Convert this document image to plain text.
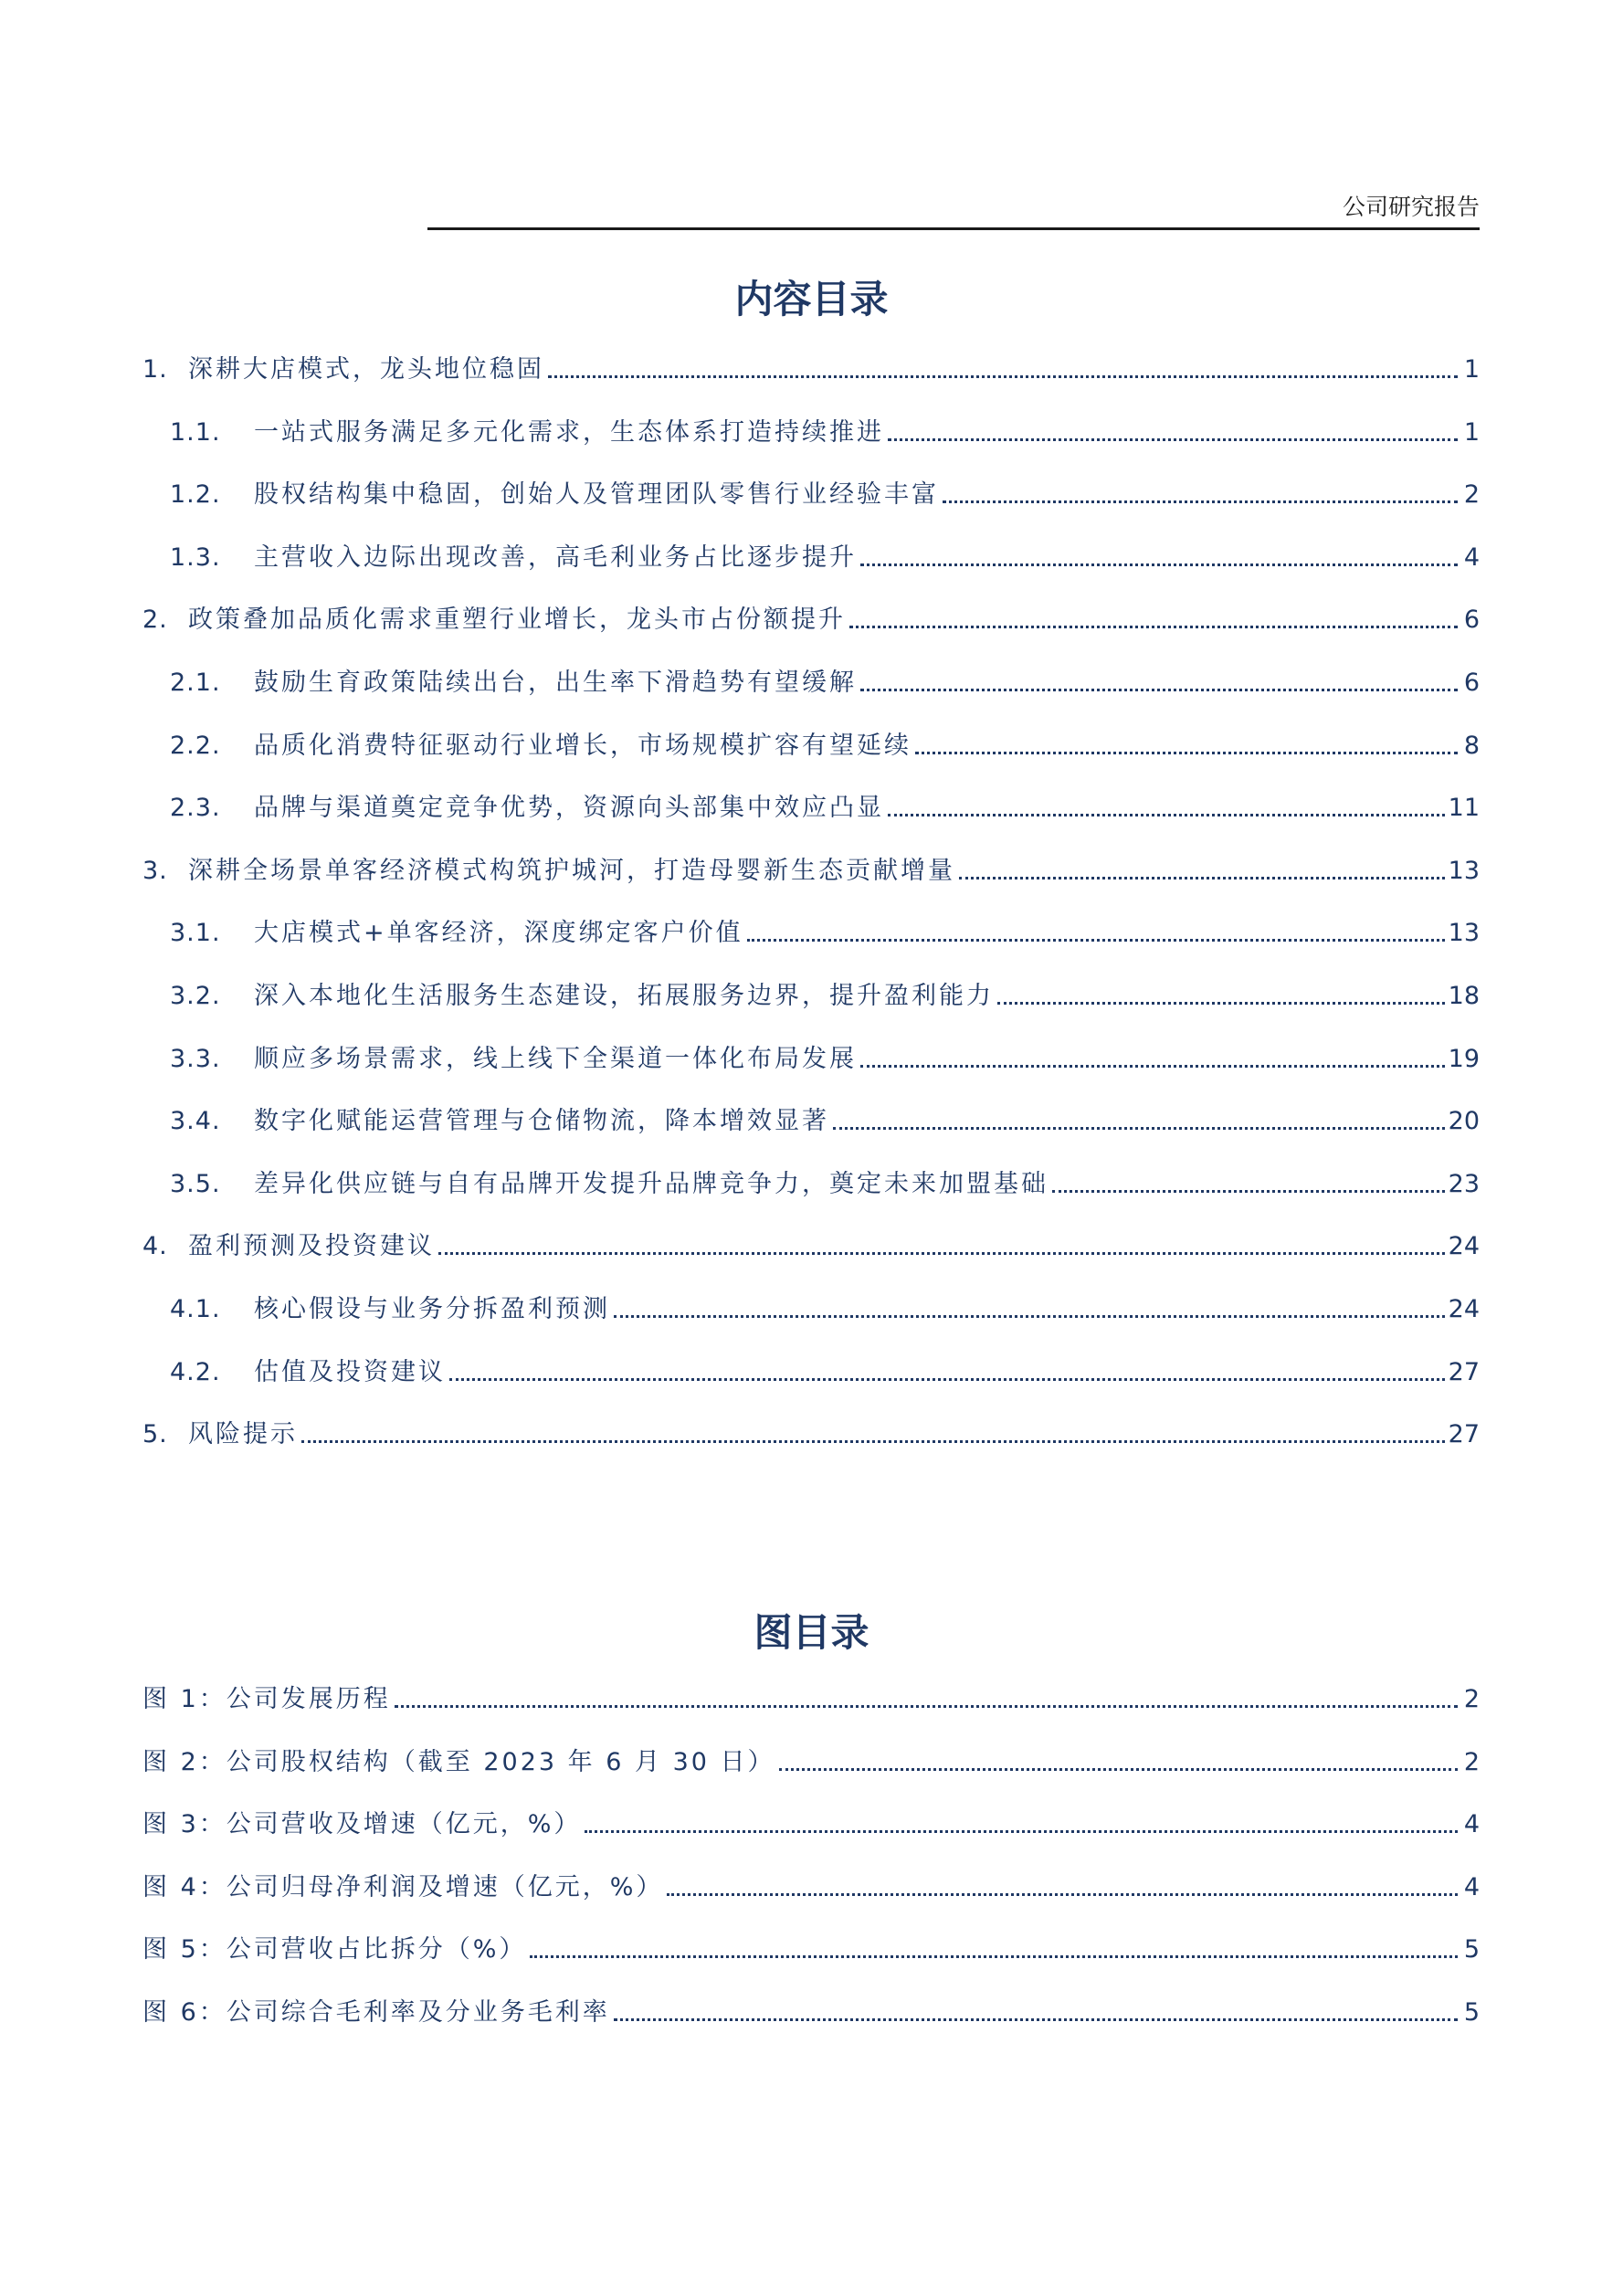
公司研究报告
内容目录
1. 深耕大店模式，龙头地位稳固	1
1.1.	一站式服务满足多元化需求，生态体系打造持续推进	1
1.2.	股权结构集中稳固，创始人及管理团队零售行业经验丰富	2
1.3.	主营收入边际出现改善，高毛利业务占比逐步提升	4
2. 政策叠加品质化需求重塑行业增长，龙头市占份额提升	6
2.1.	鼓励生育政策陆续出台，出生率下滑趋势有望缓解	6
2.2.	品质化消费特征驱动行业增长，市场规模扩容有望延续	8
2.3.	品牌与渠道奠定竞争优势，资源向头部集中效应凸显	11
3. 深耕全场景单客经济模式构筑护城河，打造母婴新生态贡献增量	13
3.1.	大店模式+单客经济，深度绑定客户价值	13
3.2.	深入本地化生活服务生态建设，拓展服务边界，提升盈利能力	18
3.3.	顺应多场景需求，线上线下全渠道一体化布局发展	19
3.4.	数字化赋能运营管理与仓储物流，降本增效显著	20
3.5.	差异化供应链与自有品牌开发提升品牌竞争力，奠定未来加盟基础	23
4. 盈利预测及投资建议	24
4.1.	核心假设与业务分拆盈利预测	24
4.2.	估值及投资建议	27
5. 风险提示	27
图目录
图 1：公司发展历程	2
图 2：公司股权结构（截至 2023 年 6 月 30 日）	2
图 3：公司营收及增速（亿元，%）	4
图 4：公司归母净利润及增速（亿元，%）	4
图 5：公司营收占比拆分（%）	5
图 6：公司综合毛利率及分业务毛利率	5
